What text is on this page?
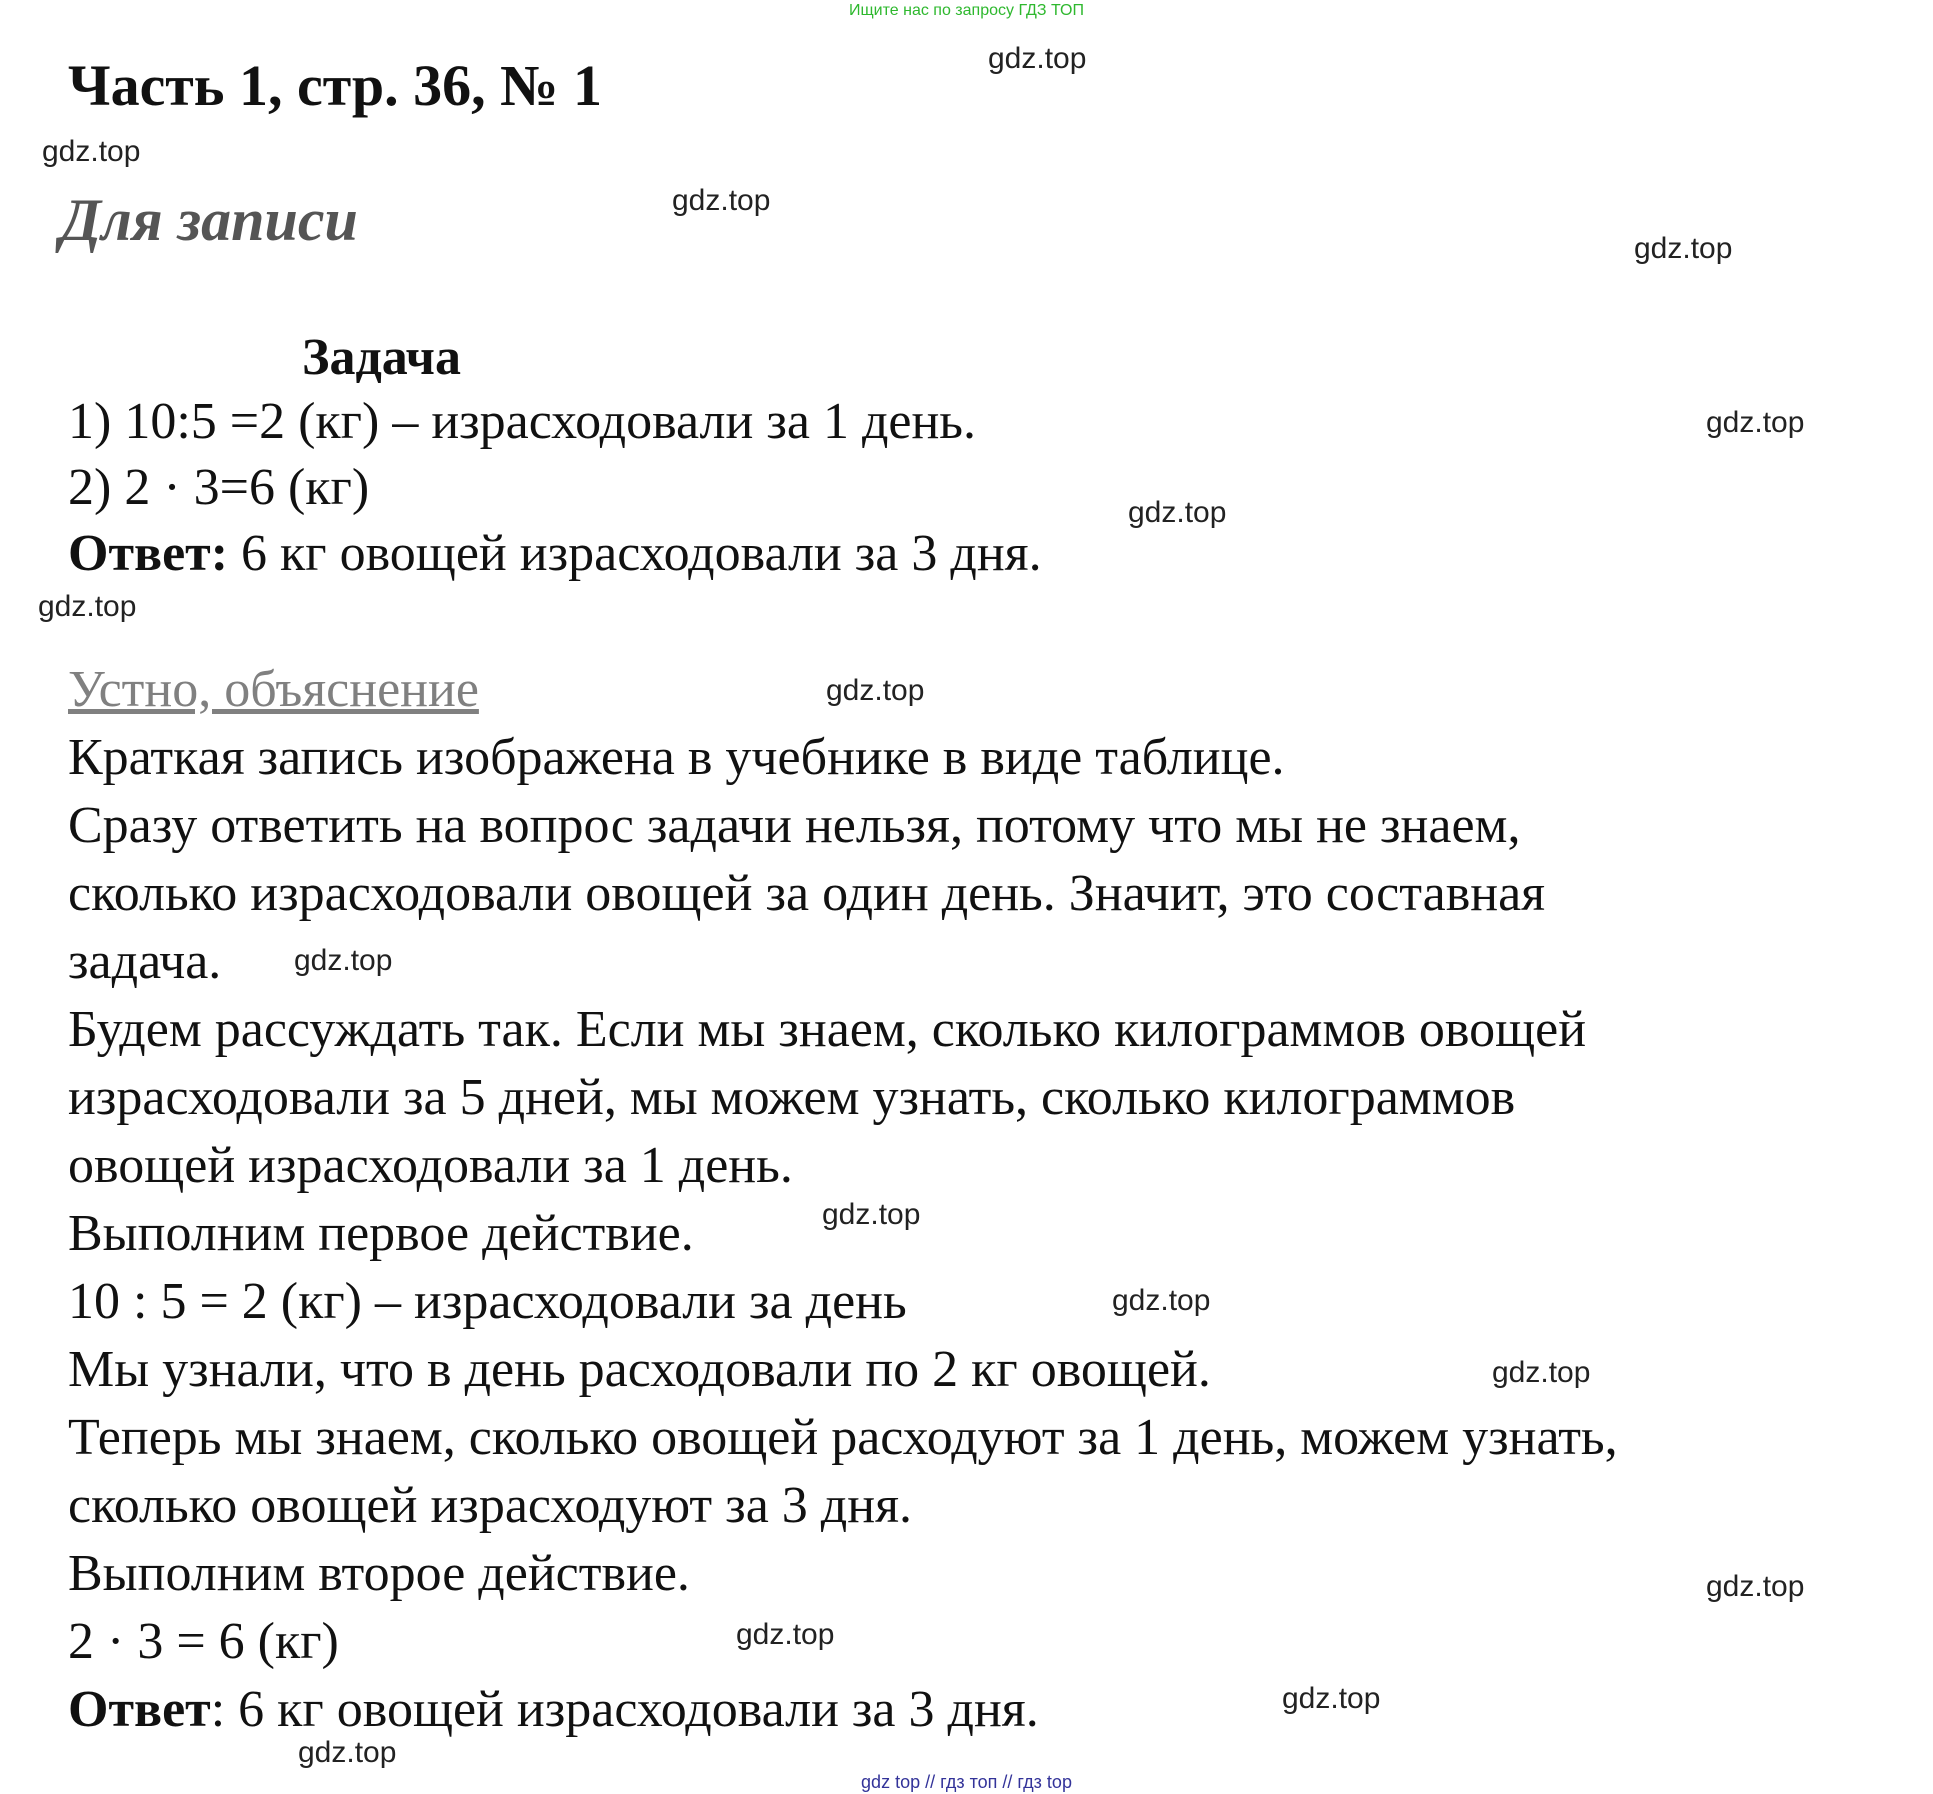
Ищите нас по запросу ГДЗ ТОП
Часть 1, стр. 36, № 1
Для записи
Задача
1) 10:5 =2 (кг) – израсходовали за 1 день.
2) 2 · 3=6 (кг)
Ответ: 6 кг овощей израсходовали за 3 дня.
Устно, объяснение
Краткая запись изображена в учебнике в виде таблице.
Сразу ответить на вопрос задачи нельзя, потому что мы не знаем,
сколько израсходовали овощей за один день. Значит, это составная
задача.
Будем рассуждать так. Если мы знаем, сколько килограммов овощей
израсходовали за 5 дней, мы можем узнать, сколько килограммов
овощей израсходовали за 1 день.
Выполним первое действие.
10 : 5 = 2 (кг) – израсходовали за день
Мы узнали, что в день расходовали по 2 кг овощей.
Теперь мы знаем, сколько овощей расходуют за 1 день, можем узнать,
сколько овощей израсходуют за 3 дня.
Выполним второе действие.
2 · 3 = 6 (кг)
Ответ: 6 кг овощей израсходовали за 3 дня.
gdz.top
gdz.top
gdz.top
gdz.top
gdz.top
gdz.top
gdz.top
gdz.top
gdz.top
gdz.top
gdz.top
gdz.top
gdz.top
gdz.top
gdz.top
gdz.top
gdz top // гдз топ // гдз top
